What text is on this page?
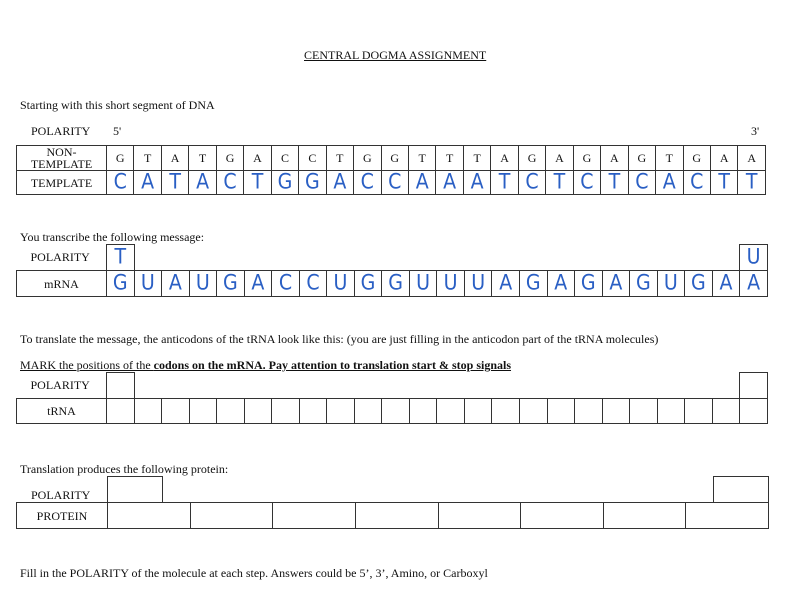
CENTRAL DOGMA ASSIGNMENT
Starting with this short segment of DNA
POLARITY 5'	3'
NON-TEMPLATE	G	T	A	T	G	A	C	C	T	G	G	T	T	T	A	G	A	G	A	G	T	G	A	A
TEMPLATE	C	A	T	A	C	T	G	G	A	C	C	A	A	A	T	C	T	C	T	C	A	C	T	T
You transcribe the following message:
POLARITY	T																							U
mRNA	G	U	A	U	G	A	C	C	U	G	G	U	U	U	A	G	A	G	A	G	U	G	A	A
To translate the message, the anticodons of the tRNA look like this: (you are just filling in the anticodon part of the tRNA molecules)
MARK the positions of the codons on the mRNA. Pay attention to translation start & stop signals
POLARITY																								
tRNA																								
Translation produces the following protein:
POLARITY
PROTEIN								
Fill in the POLARITY of the molecule at each step. Answers could be 5’, 3’, Amino, or Carboxyl
